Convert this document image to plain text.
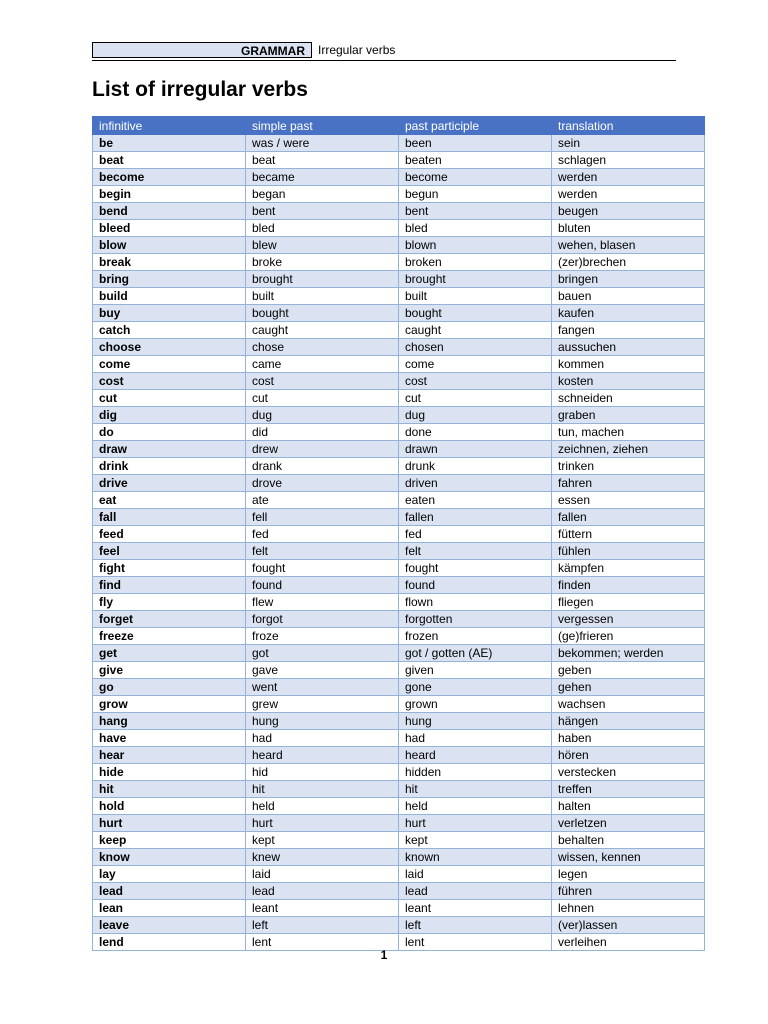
GRAMMAR	Irregular verbs
List of irregular verbs
infinitive	simple past	past participle	translation
be	was / were	been	sein
beat	beat	beaten	schlagen
become	became	become	werden
begin	began	begun	werden
bend	bent	bent	beugen
bleed	bled	bled	bluten
blow	blew	blown	wehen, blasen
break	broke	broken	(zer)brechen
bring	brought	brought	bringen
build	built	built	bauen
buy	bought	bought	kaufen
catch	caught	caught	fangen
choose	chose	chosen	aussuchen
come	came	come	kommen
cost	cost	cost	kosten
cut	cut	cut	schneiden
dig	dug	dug	graben
do	did	done	tun, machen
draw	drew	drawn	zeichnen, ziehen
drink	drank	drunk	trinken
drive	drove	driven	fahren
eat	ate	eaten	essen
fall	fell	fallen	fallen
feed	fed	fed	füttern
feel	felt	felt	fühlen
fight	fought	fought	kämpfen
find	found	found	finden
fly	flew	flown	fliegen
forget	forgot	forgotten	vergessen
freeze	froze	frozen	(ge)frieren
get	got	got / gotten (AE)	bekommen; werden
give	gave	given	geben
go	went	gone	gehen
grow	grew	grown	wachsen
hang	hung	hung	hängen
have	had	had	haben
hear	heard	heard	hören
hide	hid	hidden	verstecken
hit	hit	hit	treffen
hold	held	held	halten
hurt	hurt	hurt	verletzen
keep	kept	kept	behalten
know	knew	known	wissen, kennen
lay	laid	laid	legen
lead	lead	lead	führen
lean	leant	leant	lehnen
leave	left	left	(ver)lassen
lend	lent	lent	verleihen
1
